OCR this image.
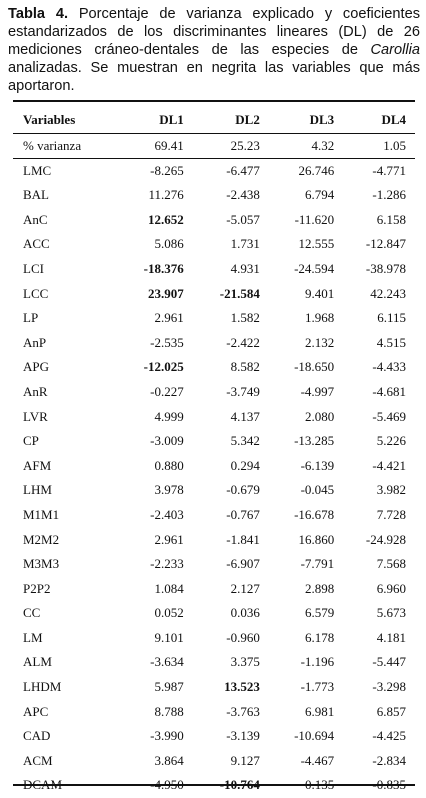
Tabla 4. Porcentaje de varianza explicado y coeficientes estandarizados de los discriminantes lineares (DL) de 26 mediciones cráneo-dentales de las especies de Carollia analizadas. Se muestran en negrita las variables que más aportaron.
Variables	DL1	DL2	DL3	DL4
% varianza	69.41	25.23	4.32	1.05
LMC	-8.265	-6.477	26.746	-4.771
BAL	11.276	-2.438	6.794	-1.286
AnC	12.652	-5.057	-11.620	6.158
ACC	5.086	1.731	12.555	-12.847
LCI	-18.376	4.931	-24.594	-38.978
LCC	23.907	-21.584	9.401	42.243
LP	2.961	1.582	1.968	6.115
AnP	-2.535	-2.422	2.132	4.515
APG	-12.025	8.582	-18.650	-4.433
AnR	-0.227	-3.749	-4.997	-4.681
LVR	4.999	4.137	2.080	-5.469
CP	-3.009	5.342	-13.285	5.226
AFM	0.880	0.294	-6.139	-4.421
LHM	3.978	-0.679	-0.045	3.982
M1M1	-2.403	-0.767	-16.678	7.728
M2M2	2.961	-1.841	16.860	-24.928
M3M3	-2.233	-6.907	-7.791	7.568
P2P2	1.084	2.127	2.898	6.960
CC	0.052	0.036	6.579	5.673
LM	9.101	-0.960	6.178	4.181
ALM	-3.634	3.375	-1.196	-5.447
LHDM	5.987	13.523	-1.773	-3.298
APC	8.788	-3.763	6.981	6.857
CAD	-3.990	-3.139	-10.694	-4.425
ACM	3.864	9.127	-4.467	-2.834
DCAM	-4.950	-10.764	0.135	-0.835
